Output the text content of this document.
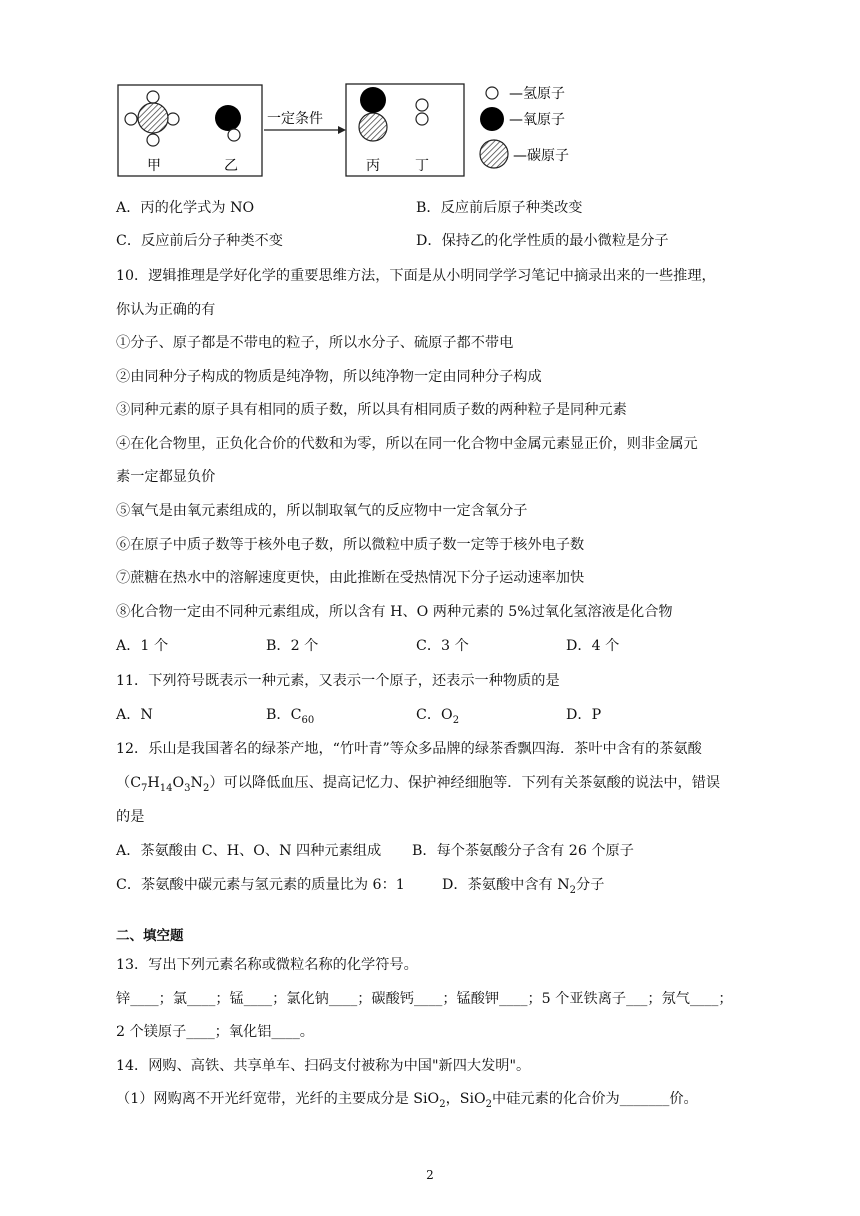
甲	乙
一定条件
丙	丁
—氢原子
—氧原子
—碳原子
A．丙的化学式为 NO	B．反应前后原子种类改变
C．反应前后分子种类不变	D．保持乙的化学性质的最小微粒是分子
10．逻辑推理是学好化学的重要思维方法，下面是从小明同学学习笔记中摘录出来的一些推理，
你认为正确的有
①分子、原子都是不带电的粒子，所以水分子、硫原子都不带电
②由同种分子构成的物质是纯净物，所以纯净物一定由同种分子构成
③同种元素的原子具有相同的质子数，所以具有相同质子数的两种粒子是同种元素
④在化合物里，正负化合价的代数和为零，所以在同一化合物中金属元素显正价，则非金属元
素一定都显负价
⑤氧气是由氧元素组成的，所以制取氧气的反应物中一定含氧分子
⑥在原子中质子数等于核外电子数，所以微粒中质子数一定等于核外电子数
⑦蔗糖在热水中的溶解速度更快，由此推断在受热情况下分子运动速率加快
⑧化合物一定由不同种元素组成，所以含有 H、O 两种元素的 5%过氧化氢溶液是化合物
A．1 个	B．2 个	C．3 个	D．4 个
11．下列符号既表示一种元素，又表示一个原子，还表示一种物质的是
A．N	B．$C_{60}$	C．$O_2$	D．P
12．乐山是我国著名的绿茶产地，“竹叶青”等众多品牌的绿茶香飘四海．茶叶中含有的茶氨酸
$(C_7H_{14}O_3N_2)$可以降低血压、提高记忆力、保护神经细胞等．下列有关茶氨酸的说法中，错误
的是
A．茶氨酸由 C、H、O、N 四种元素组成 B．每个茶氨酸分子含有 26 个原子
C．茶氨酸中碳元素与氢元素的质量比为 6：1	D．茶氨酸中含有 $N_2$分子
二、填空题
13．写出下列元素名称或微粒名称的化学符号。
锌____；氯____；锰____；氯化钠____；碳酸钙____；锰酸钾____；5 个亚铁离子___；氖气____；
2 个镁原子____；氧化铝____。
14．网购、高铁、共享单车、扫码支付被称为中国"新四大发明"。
（1）网购离不开光纤宽带，光纤的主要成分是 SiO$_2$，SiO$_2$中硅元素的化合价为_______价。
2
